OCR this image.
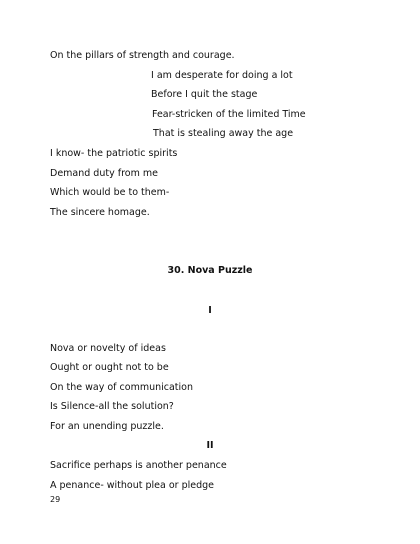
On the pillars of strength and courage.
I am desperate for doing a lot
Before I quit the stage
Fear-stricken of the limited Time
That is stealing away the age
I know- the patriotic spirits
Demand duty from me
Which would be to them-
The sincere homage.
30. Nova Puzzle
I
Nova or novelty of ideas
Ought or ought not to be
On the way of communication
Is Silence-all the solution?
For an unending puzzle.
II
Sacrifice perhaps is another penance
A penance- without plea or pledge
29
